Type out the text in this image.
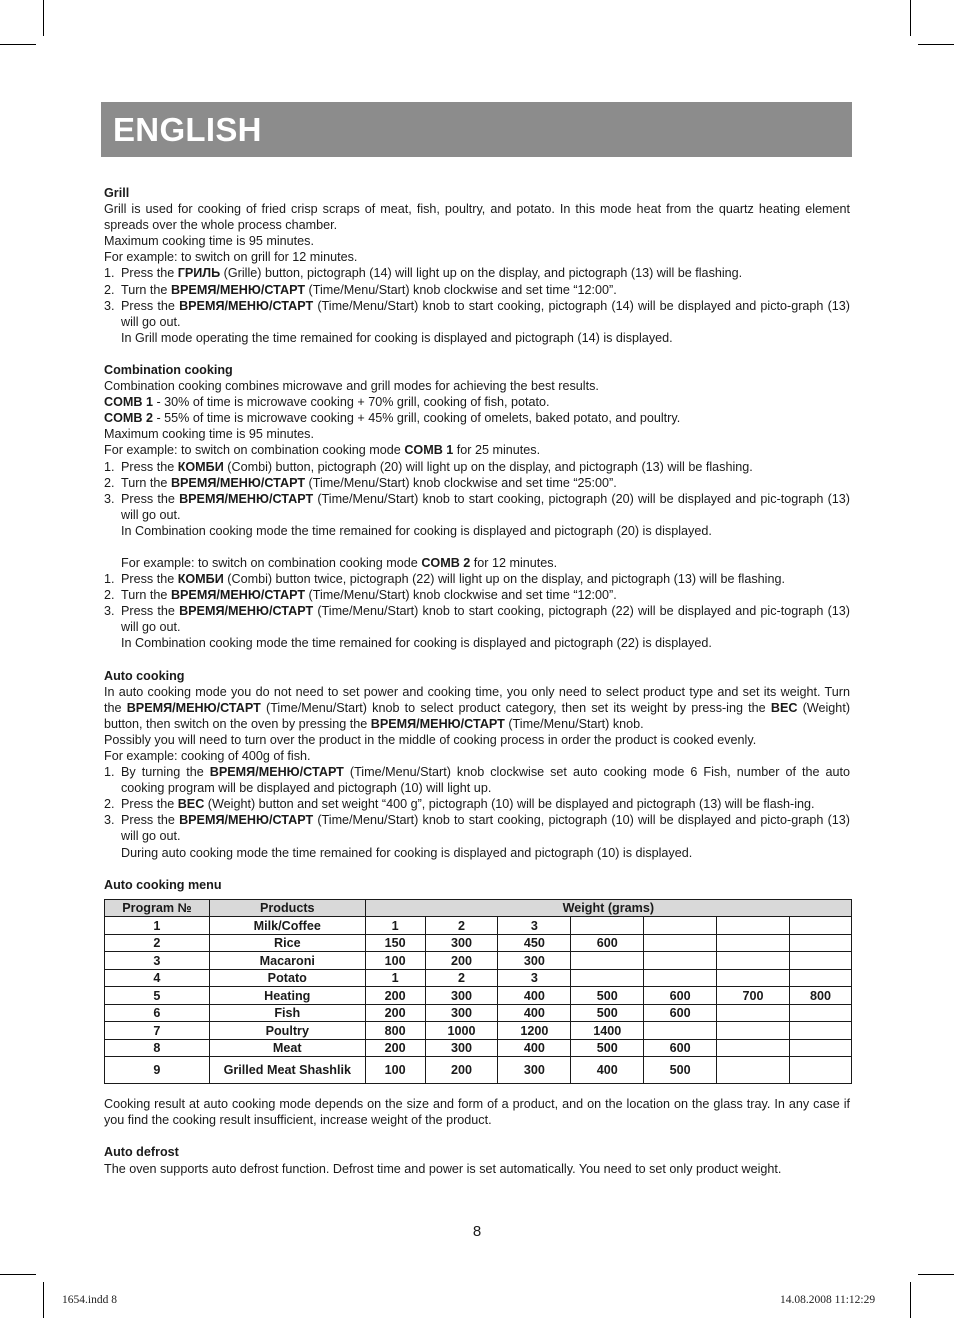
ENGLISH

Grill

Grill is used for cooking of fried crisp scraps of meat, fish, poultry, and potato. In this mode heat from the quartz heating element spreads over the whole process chamber.

Maximum cooking time is 95 minutes.

For example: to switch on grill for 12 minutes.

1. Press the ГРИЛЬ (Grille) button, pictograph (14) will light up on the display, and pictograph (13) will be flashing.
2. Turn the ВРЕМЯ/МЕНЮ/СТАРТ (Time/Menu/Start) knob clockwise and set time “12:00”.
3. Press the ВРЕМЯ/МЕНЮ/СТАРТ (Time/Menu/Start) knob to start cooking, pictograph (14) will be displayed and picto-graph (13) will go out.
In Grill mode operating the time remained for cooking is displayed and pictograph (14) is displayed.

Combination cooking

Combination cooking combines microwave and grill modes for achieving the best results.

COMB 1 - 30% of time is microwave cooking + 70% grill, cooking of fish, potato.

COMB 2 - 55% of time is microwave cooking + 45% grill, cooking of omelets, baked potato, and poultry.

Maximum cooking time is 95 minutes.

For example: to switch on combination cooking mode COMB 1 for 25 minutes.

1. Press the КОМБИ (Combi) button, pictograph (20) will light up on the display, and pictograph (13) will be flashing.
2. Turn the ВРЕМЯ/МЕНЮ/СТАРТ (Time/Menu/Start) knob clockwise and set time “25:00”.
3. Press the ВРЕМЯ/МЕНЮ/СТАРТ (Time/Menu/Start) knob to start cooking, pictograph (20) will be displayed and pic-tograph (13) will go out.
In Combination cooking mode the time remained for cooking is displayed and pictograph (20) is displayed.
For example: to switch on combination cooking mode COMB 2 for 12 minutes.
1. Press the КОМБИ (Combi) button twice, pictograph (22) will light up on the display, and pictograph (13) will be flashing.
2. Turn the ВРЕМЯ/МЕНЮ/СТАРТ (Time/Menu/Start) knob clockwise and set time “12:00”.
3. Press the ВРЕМЯ/МЕНЮ/СТАРТ (Time/Menu/Start) knob to start cooking, pictograph (22) will be displayed and pic-tograph (13) will go out.
In Combination cooking mode the time remained for cooking is displayed and pictograph (22) is displayed.

Auto cooking

In auto cooking mode you do not need to set power and cooking time, you only need to select product type and set its weight. Turn the ВРЕМЯ/МЕНЮ/СТАРТ (Time/Menu/Start) knob to select product category, then set its weight by press-ing the ВЕС (Weight) button, then switch on the oven by pressing the ВРЕМЯ/МЕНЮ/СТАРТ (Time/Menu/Start) knob.

Possibly you will need to turn over the product in the middle of cooking process in order the product is cooked evenly.

For example: cooking of 400g of fish.

1. By turning the ВРЕМЯ/МЕНЮ/СТАРТ (Time/Menu/Start) knob clockwise set auto cooking mode 6 Fish, number of the auto cooking program will be displayed and pictograph (10) will light up.
2. Press the ВЕС (Weight) button and set weight “400 g”, pictograph (10) will be displayed and pictograph (13) will be flash-ing.
3. Press the ВРЕМЯ/МЕНЮ/СТАРТ (Time/Menu/Start) knob to start cooking, pictograph (10) will be displayed and picto-graph (13) will go out.
During auto cooking mode the time remained for cooking is displayed and pictograph (10) is displayed.

Auto cooking menu

Program №	Products	Weight (grams)						
1	Milk/Coffee	1	2	3				
2	Rice	150	300	450	600			
3	Macaroni	100	200	300				
4	Potato	1	2	3				
5	Heating	200	300	400	500	600	700	800
6	Fish	200	300	400	500	600		
7	Poultry	800	1000	1200	1400			
8	Meat	200	300	400	500	600		
9	Grilled Meat Shashlik	100	200	300	400	500		

Cooking result at auto cooking mode depends on the size and form of a product, and on the location on the glass tray. In any case if you find the cooking result insufficient, increase weight of the product.

Auto defrost

The oven supports auto defrost function. Defrost time and power is set automatically. You need to set only product weight.

8
1654.indd 8	14.08.2008 11:12:29
